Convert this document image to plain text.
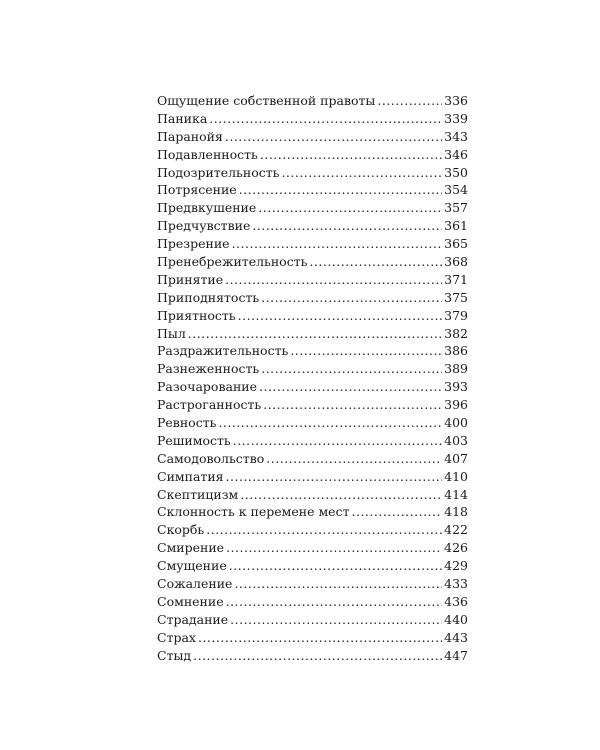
Ощущение собственной правоты .....	336
Паника .....	339
Паранойя .....	343
Подавленность .....	346
Подозрительность .....	350
Потрясение .....	354
Предвкушение .....	357
Предчувствие .....	361
Презрение .....	365
Пренебрежительность .....	368
Принятие .....	371
Приподнятость .....	375
Приятность .....	379
Пыл .....	382
Раздражительность .....	386
Разнеженность .....	389
Разочарование .....	393
Растроганность .....	396
Ревность .....	400
Решимость .....	403
Самодовольство .....	407
Симпатия .....	410
Скептицизм .....	414
Склонность к перемене мест .....	418
Скорбь .....	422
Смирение .....	426
Смущение .....	429
Сожаление .....	433
Сомнение .....	436
Страдание .....	440
Страх .....	443
Стыд .....	447
